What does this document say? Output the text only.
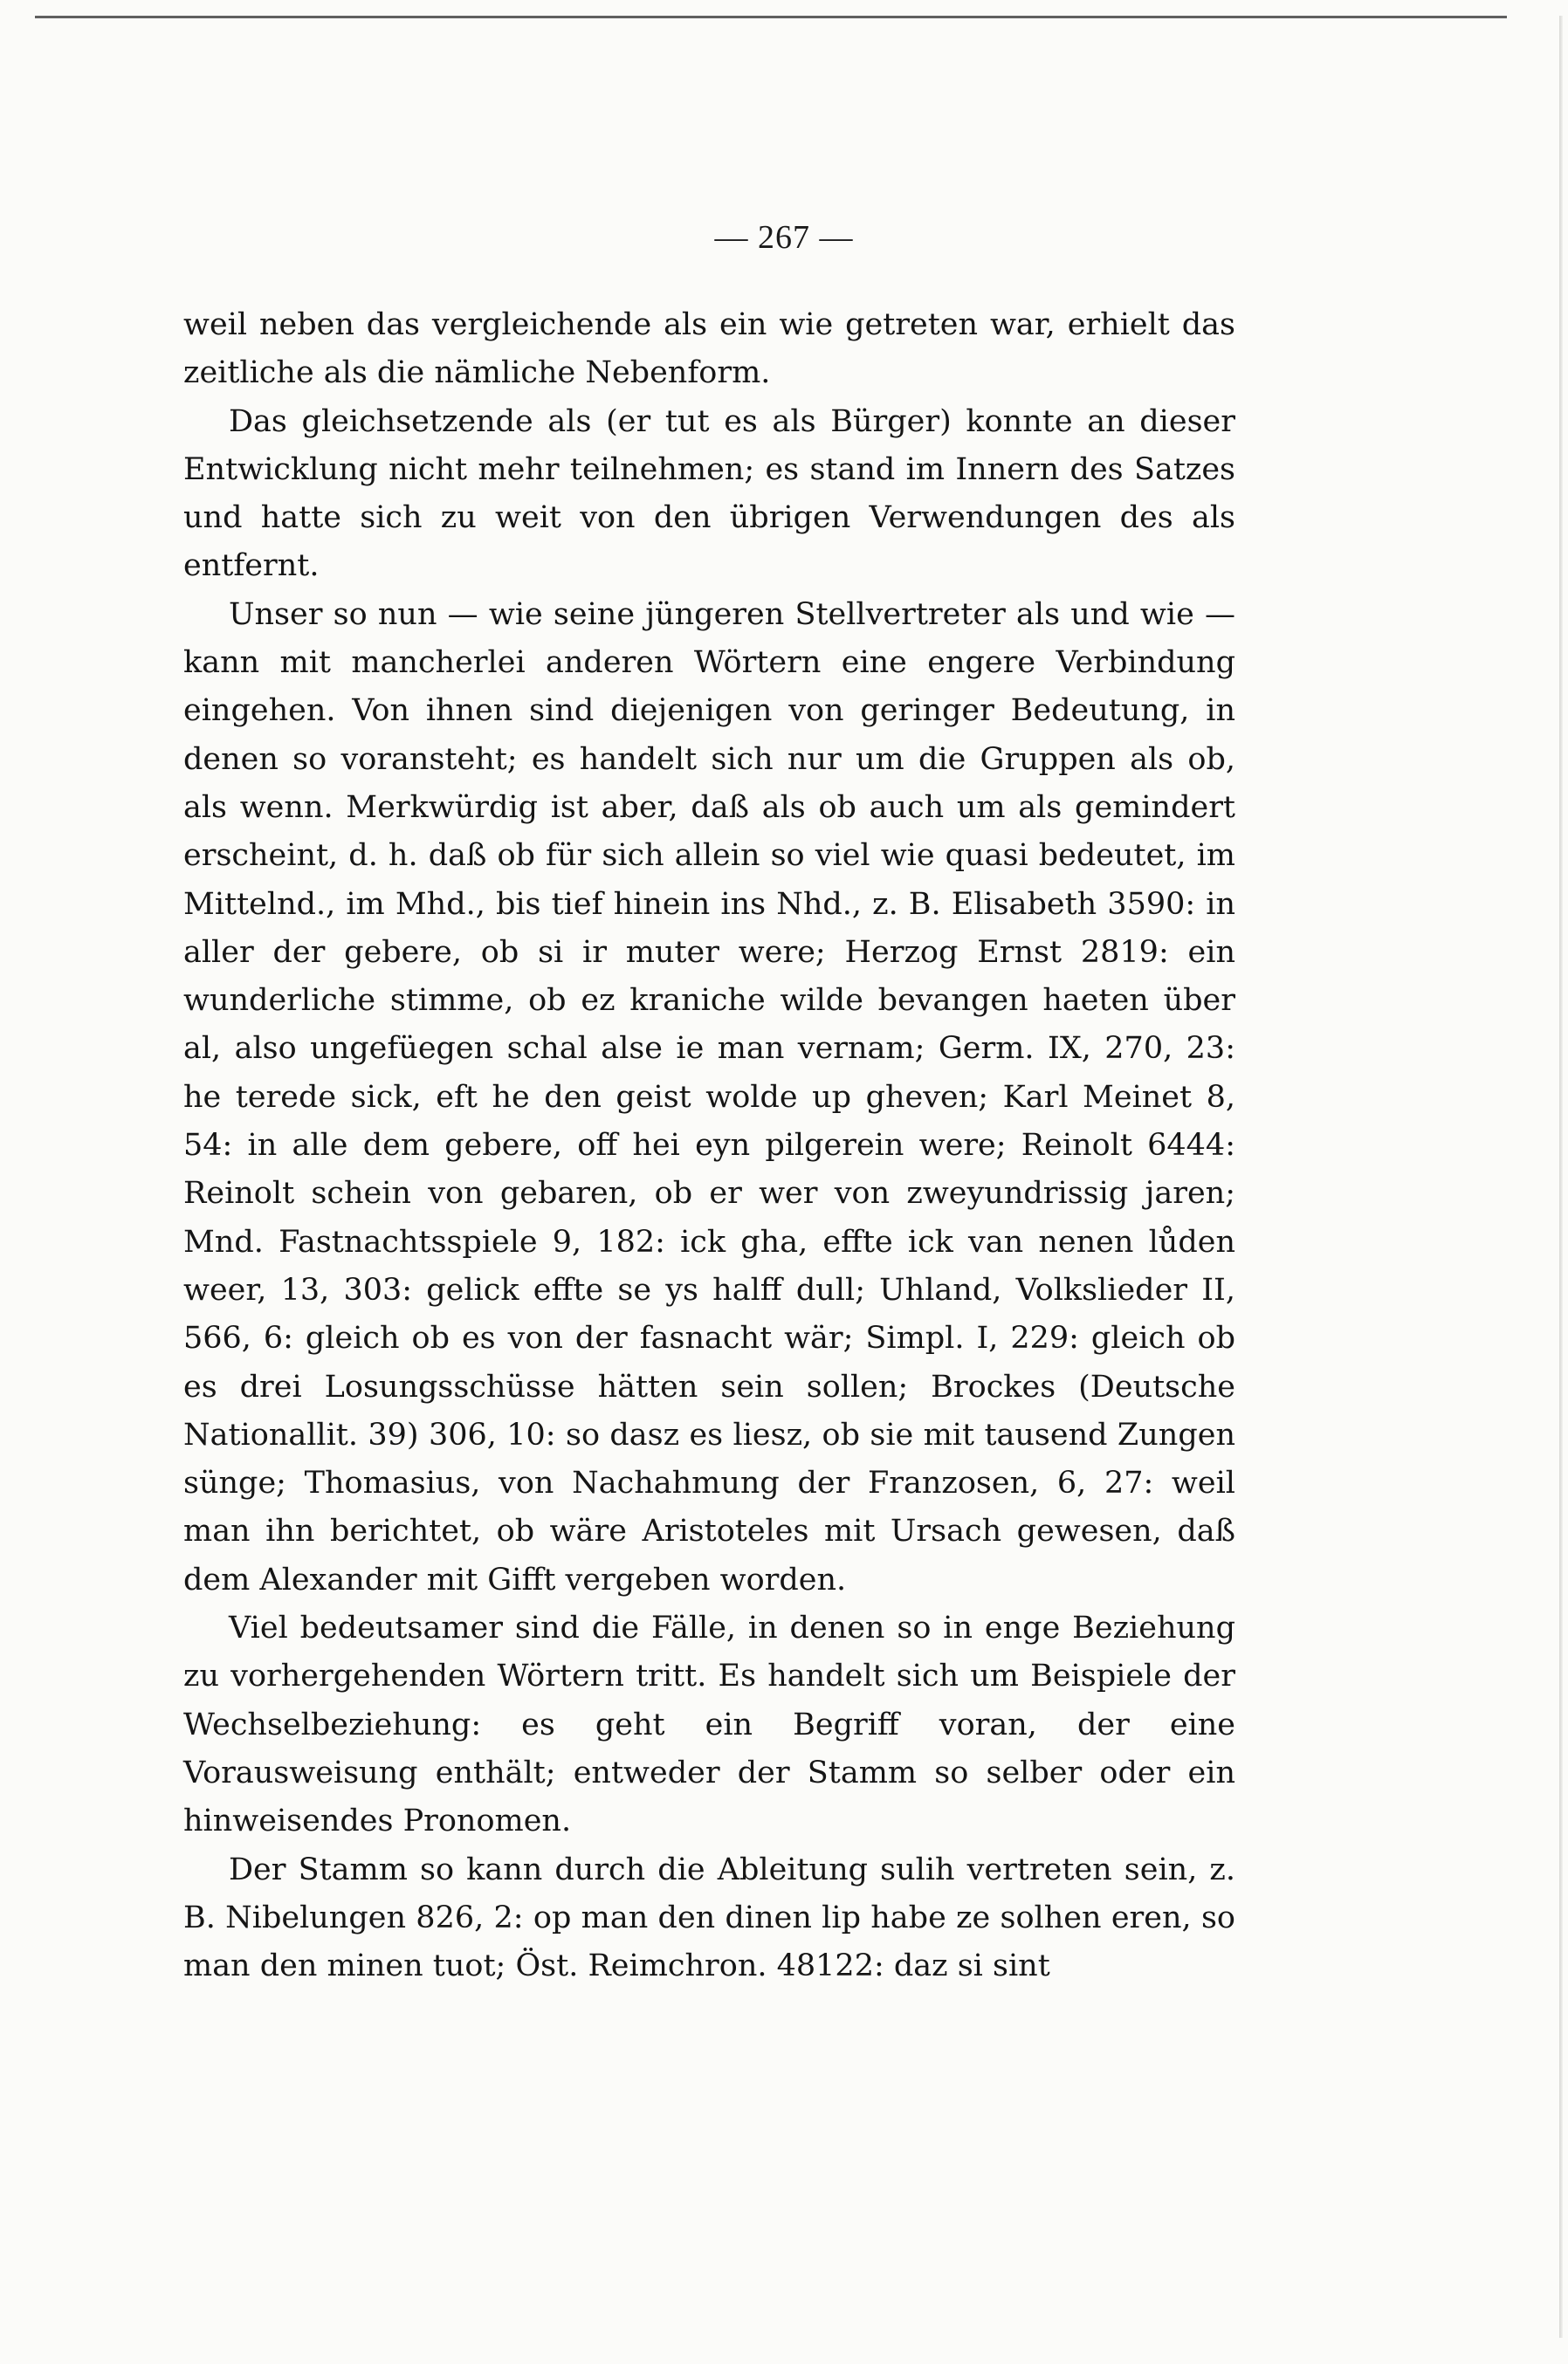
— 267 —

weil neben das vergleichende als ein wie getreten war, erhielt das zeitliche als die nämliche Nebenform.

Das gleichsetzende als (er tut es als Bürger) konnte an dieser Entwicklung nicht mehr teilnehmen; es stand im Innern des Satzes und hatte sich zu weit von den übrigen Verwendungen des als entfernt.

Unser so nun — wie seine jüngeren Stellvertreter als und wie — kann mit mancherlei anderen Wörtern eine engere Verbindung eingehen. Von ihnen sind diejenigen von geringer Bedeutung, in denen so voransteht; es handelt sich nur um die Gruppen als ob, als wenn. Merkwürdig ist aber, daß als ob auch um als gemindert erscheint, d. h. daß ob für sich allein so viel wie quasi bedeutet, im Mittelnd., im Mhd., bis tief hinein ins Nhd., z. B. Elisabeth 3590: in aller der gebere, ob si ir muter were; Herzog Ernst 2819: ein wunderliche stimme, ob ez kraniche wilde bevangen haeten über al, also ungefüegen schal alse ie man vernam; Germ. IX, 270, 23: he terede sick, eft he den geist wolde up gheven; Karl Meinet 8, 54: in alle dem gebere, off hei eyn pilgerein were; Reinolt 6444: Reinolt schein von gebaren, ob er wer von zweyundrissig jaren; Mnd. Fastnachtsspiele 9, 182: ick gha, effte ick van nenen lůden weer, 13, 303: gelick effte se ys halff dull; Uhland, Volkslieder II, 566, 6: gleich ob es von der fasnacht wär; Simpl. I, 229: gleich ob es drei Losungsschüsse hätten sein sollen; Brockes (Deutsche Nationallit. 39) 306, 10: so dasz es liesz, ob sie mit tausend Zungen sünge; Thomasius, von Nachahmung der Franzosen, 6, 27: weil man ihn berichtet, ob wäre Aristoteles mit Ursach gewesen, daß dem Alexander mit Gifft vergeben worden.

Viel bedeutsamer sind die Fälle, in denen so in enge Beziehung zu vorhergehenden Wörtern tritt. Es handelt sich um Beispiele der Wechselbeziehung: es geht ein Begriff voran, der eine Vorausweisung enthält; entweder der Stamm so selber oder ein hinweisendes Pronomen.

Der Stamm so kann durch die Ableitung sulih vertreten sein, z. B. Nibelungen 826, 2: op man den dinen lip habe ze solhen eren, so man den minen tuot; Öst. Reimchron. 48122: daz si sint
